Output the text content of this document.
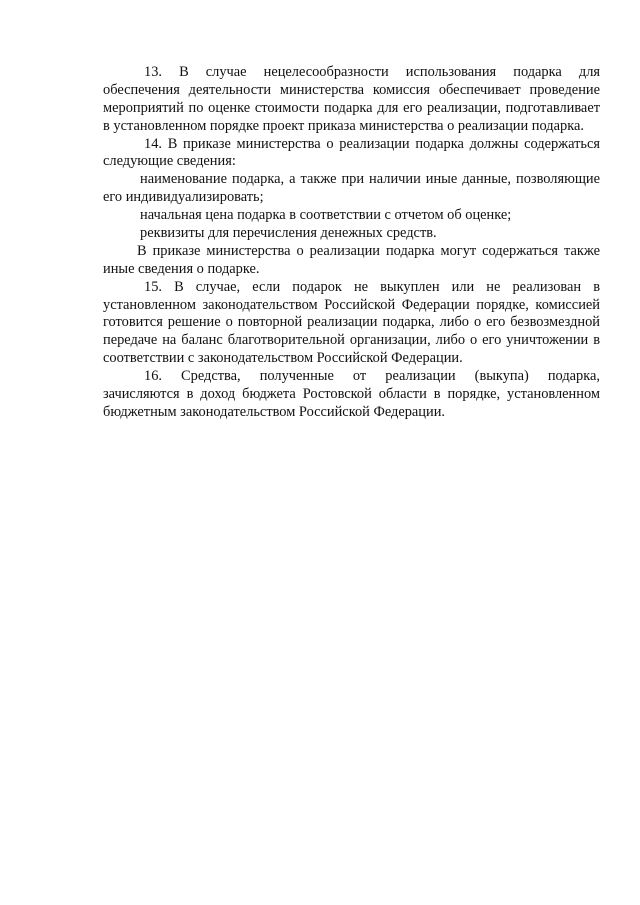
13. В случае нецелесообразности использования подарка для
обеспечения деятельности министерства комиссия обеспечивает проведение
мероприятий по оценке стоимости подарка для его реализации, подготавливает
в установленном порядке проект приказа министерства о реализации подарка.
14. В приказе министерства о реализации подарка должны содержаться
следующие сведения:
наименование подарка, а также при наличии иные данные, позволяющие
его индивидуализировать;
начальная цена подарка в соответствии с отчетом об оценке;
реквизиты для перечисления денежных средств.
В приказе министерства о реализации подарка могут содержаться также
иные сведения о подарке.
15. В случае, если подарок не выкуплен или не реализован в
установленном законодательством Российской Федерации порядке, комиссией
готовится решение о повторной реализации подарка, либо о его безвозмездной
передаче на баланс благотворительной организации, либо о его уничтожении в
соответствии с законодательством Российской Федерации.
16. Средства, полученные от реализации (выкупа) подарка,
зачисляются в доход бюджета Ростовской области в порядке, установленном
бюджетным законодательством Российской Федерации.
